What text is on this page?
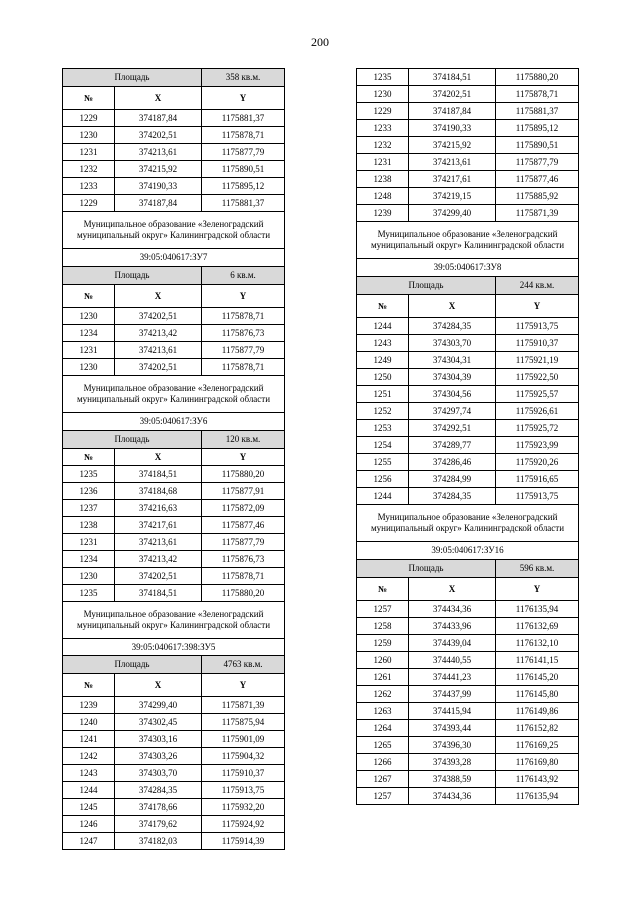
200
Площадь	358 кв.м.
№	X	Y
1229	374187,84	1175881,37
1230	374202,51	1175878,71
1231	374213,61	1175877,79
1232	374215,92	1175890,51
1233	374190,33	1175895,12
1229	374187,84	1175881,37
Муниципальное образование «Зеленоградский муниципальный округ» Калининградской области
39:05:040617:ЗУ7
Площадь	6 кв.м.
№	X	Y
1230	374202,51	1175878,71
1234	374213,42	1175876,73
1231	374213,61	1175877,79
1230	374202,51	1175878,71
Муниципальное образование «Зеленоградский муниципальный округ» Калининградской области
39:05:040617:ЗУ6
Площадь	120 кв.м.
№	X	Y
1235	374184,51	1175880,20
1236	374184,68	1175877,91
1237	374216,63	1175872,09
1238	374217,61	1175877,46
1231	374213,61	1175877,79
1234	374213,42	1175876,73
1230	374202,51	1175878,71
1235	374184,51	1175880,20
Муниципальное образование «Зеленоградский муниципальный округ» Калининградской области
39:05:040617:398:ЗУ5
Площадь	4763 кв.м.
№	X	Y
1239	374299,40	1175871,39
1240	374302,45	1175875,94
1241	374303,16	1175901,09
1242	374303,26	1175904,32
1243	374303,70	1175910,37
1244	374284,35	1175913,75
1245	374178,66	1175932,20
1246	374179,62	1175924,92
1247	374182,03	1175914,39
1235	374184,51	1175880,20
1230	374202,51	1175878,71
1229	374187,84	1175881,37
1233	374190,33	1175895,12
1232	374215,92	1175890,51
1231	374213,61	1175877,79
1238	374217,61	1175877,46
1248	374219,15	1175885,92
1239	374299,40	1175871,39
Муниципальное образование «Зеленоградский муниципальный округ» Калининградской области
39:05:040617:ЗУ8
Площадь	244 кв.м.
№	X	Y
1244	374284,35	1175913,75
1243	374303,70	1175910,37
1249	374304,31	1175921,19
1250	374304,39	1175922,50
1251	374304,56	1175925,57
1252	374297,74	1175926,61
1253	374292,51	1175925,72
1254	374289,77	1175923,99
1255	374286,46	1175920,26
1256	374284,99	1175916,65
1244	374284,35	1175913,75
Муниципальное образование «Зеленоградский муниципальный округ» Калининградской области
39:05:040617:ЗУ16
Площадь	596 кв.м.
№	X	Y
1257	374434,36	1176135,94
1258	374433,96	1176132,69
1259	374439,04	1176132,10
1260	374440,55	1176141,15
1261	374441,23	1176145,20
1262	374437,99	1176145,80
1263	374415,94	1176149,86
1264	374393,44	1176152,82
1265	374396,30	1176169,25
1266	374393,28	1176169,80
1267	374388,59	1176143,92
1257	374434,36	1176135,94
